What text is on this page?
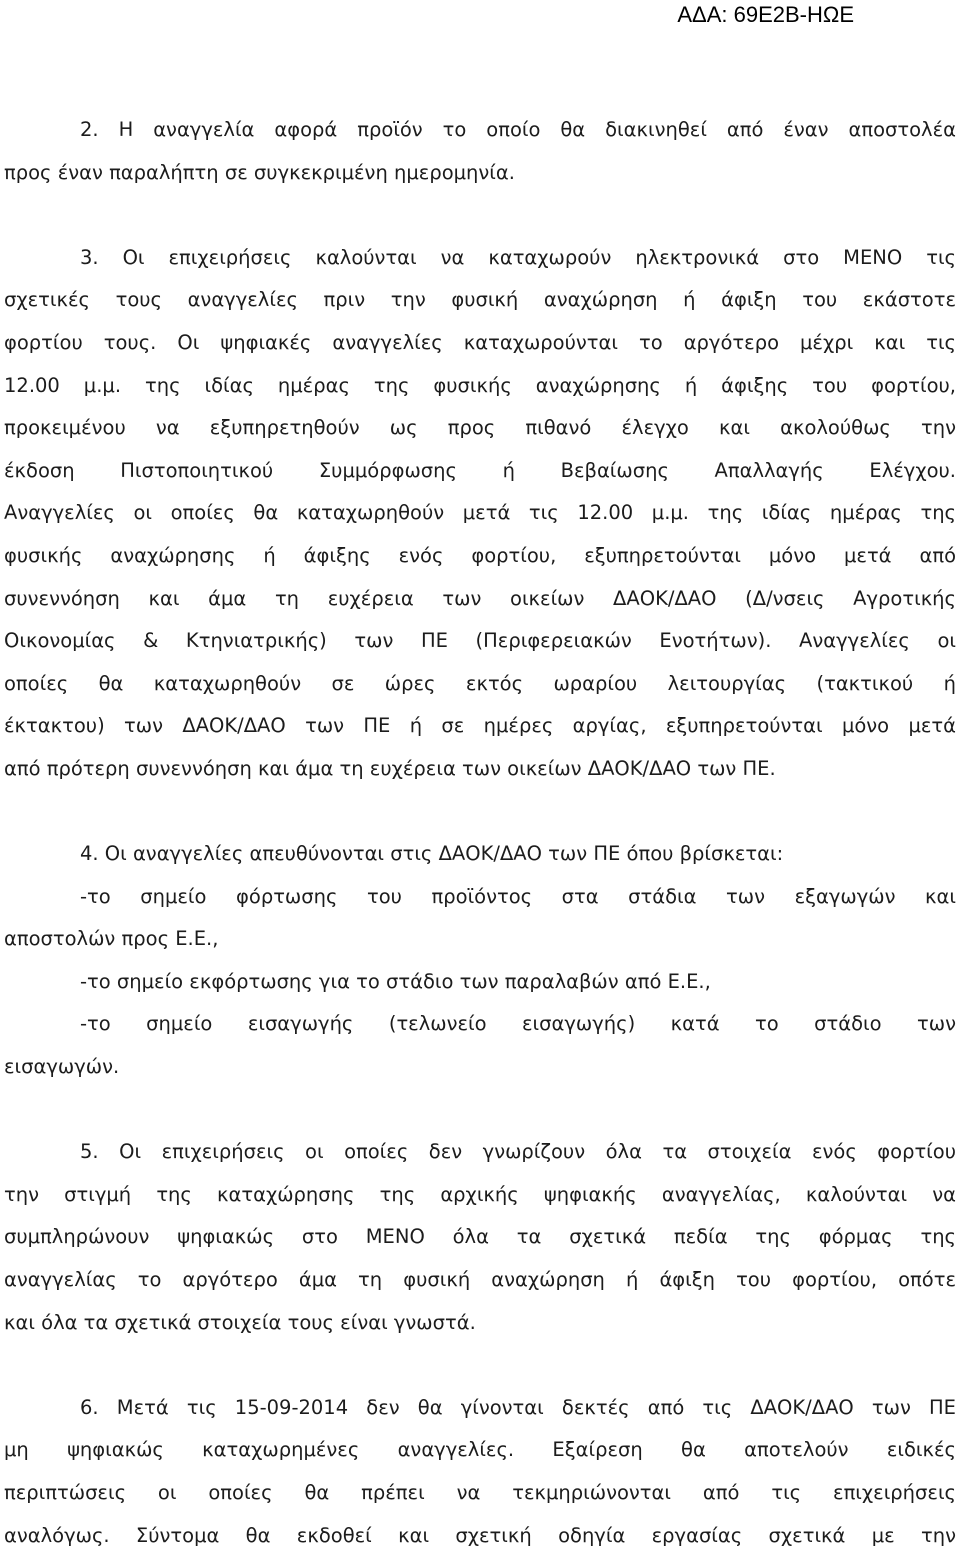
ΑΔΑ: 69Ε2Β-ΗΩΕ
2. Η αναγγελία αφορά προϊόν το οποίο θα διακινηθεί από έναν αποστολέα
προς έναν παραλήπτη σε συγκεκριμένη ημερομηνία.
3. Οι επιχειρήσεις καλούνται να καταχωρούν ηλεκτρονικά στο ΜΕΝΟ τις
σχετικές τους αναγγελίες πριν την φυσική αναχώρηση ή άφιξη του εκάστοτε
φορτίου τους. Οι ψηφιακές αναγγελίες καταχωρούνται το αργότερο μέχρι και τις
12.00 μ.μ. της ιδίας ημέρας της φυσικής αναχώρησης ή άφιξης του φορτίου,
προκειμένου να εξυπηρετηθούν ως προς πιθανό έλεγχο και ακολούθως την
έκδοση Πιστοποιητικού Συμμόρφωσης ή Βεβαίωσης Απαλλαγής Ελέγχου.
Αναγγελίες οι οποίες θα καταχωρηθούν μετά τις 12.00 μ.μ. της ιδίας ημέρας της
φυσικής αναχώρησης ή άφιξης ενός φορτίου, εξυπηρετούνται μόνο μετά από
συνεννόηση και άμα τη ευχέρεια των οικείων ΔΑΟΚ/ΔΑΟ (Δ/νσεις Αγροτικής
Οικονομίας & Κτηνιατρικής) των ΠΕ (Περιφερειακών Ενοτήτων). Αναγγελίες οι
οποίες θα καταχωρηθούν σε ώρες εκτός ωραρίου λειτουργίας (τακτικού ή
έκτακτου) των ΔΑΟΚ/ΔΑΟ των ΠΕ ή σε ημέρες αργίας, εξυπηρετούνται μόνο μετά
από πρότερη συνεννόηση και άμα τη ευχέρεια των οικείων ΔΑΟΚ/ΔΑΟ των ΠΕ.
4. Οι αναγγελίες απευθύνονται στις ΔΑΟΚ/ΔΑΟ των ΠΕ όπου βρίσκεται:
-το σημείο φόρτωσης του προϊόντος στα στάδια των εξαγωγών και
αποστολών προς Ε.Ε.,
-το σημείο εκφόρτωσης για το στάδιο των παραλαβών από Ε.Ε.,
-το σημείο εισαγωγής (τελωνείο εισαγωγής) κατά το στάδιο των
εισαγωγών.
5. Οι επιχειρήσεις οι οποίες δεν γνωρίζουν όλα τα στοιχεία ενός φορτίου
την στιγμή της καταχώρησης της αρχικής ψηφιακής αναγγελίας, καλούνται να
συμπληρώνουν ψηφιακώς στο ΜΕΝΟ όλα τα σχετικά πεδία της φόρμας της
αναγγελίας το αργότερο άμα τη φυσική αναχώρηση ή άφιξη του φορτίου, οπότε
και όλα τα σχετικά στοιχεία τους είναι γνωστά.
6. Μετά τις 15-09-2014 δεν θα γίνονται δεκτές από τις ΔΑΟΚ/ΔΑΟ των ΠΕ
μη ψηφιακώς καταχωρημένες αναγγελίες. Εξαίρεση θα αποτελούν ειδικές
περιπτώσεις οι οποίες θα πρέπει να τεκμηριώνονται από τις επιχειρήσεις
αναλόγως. Σύντομα θα εκδοθεί και σχετική οδηγία εργασίας σχετικά με την
